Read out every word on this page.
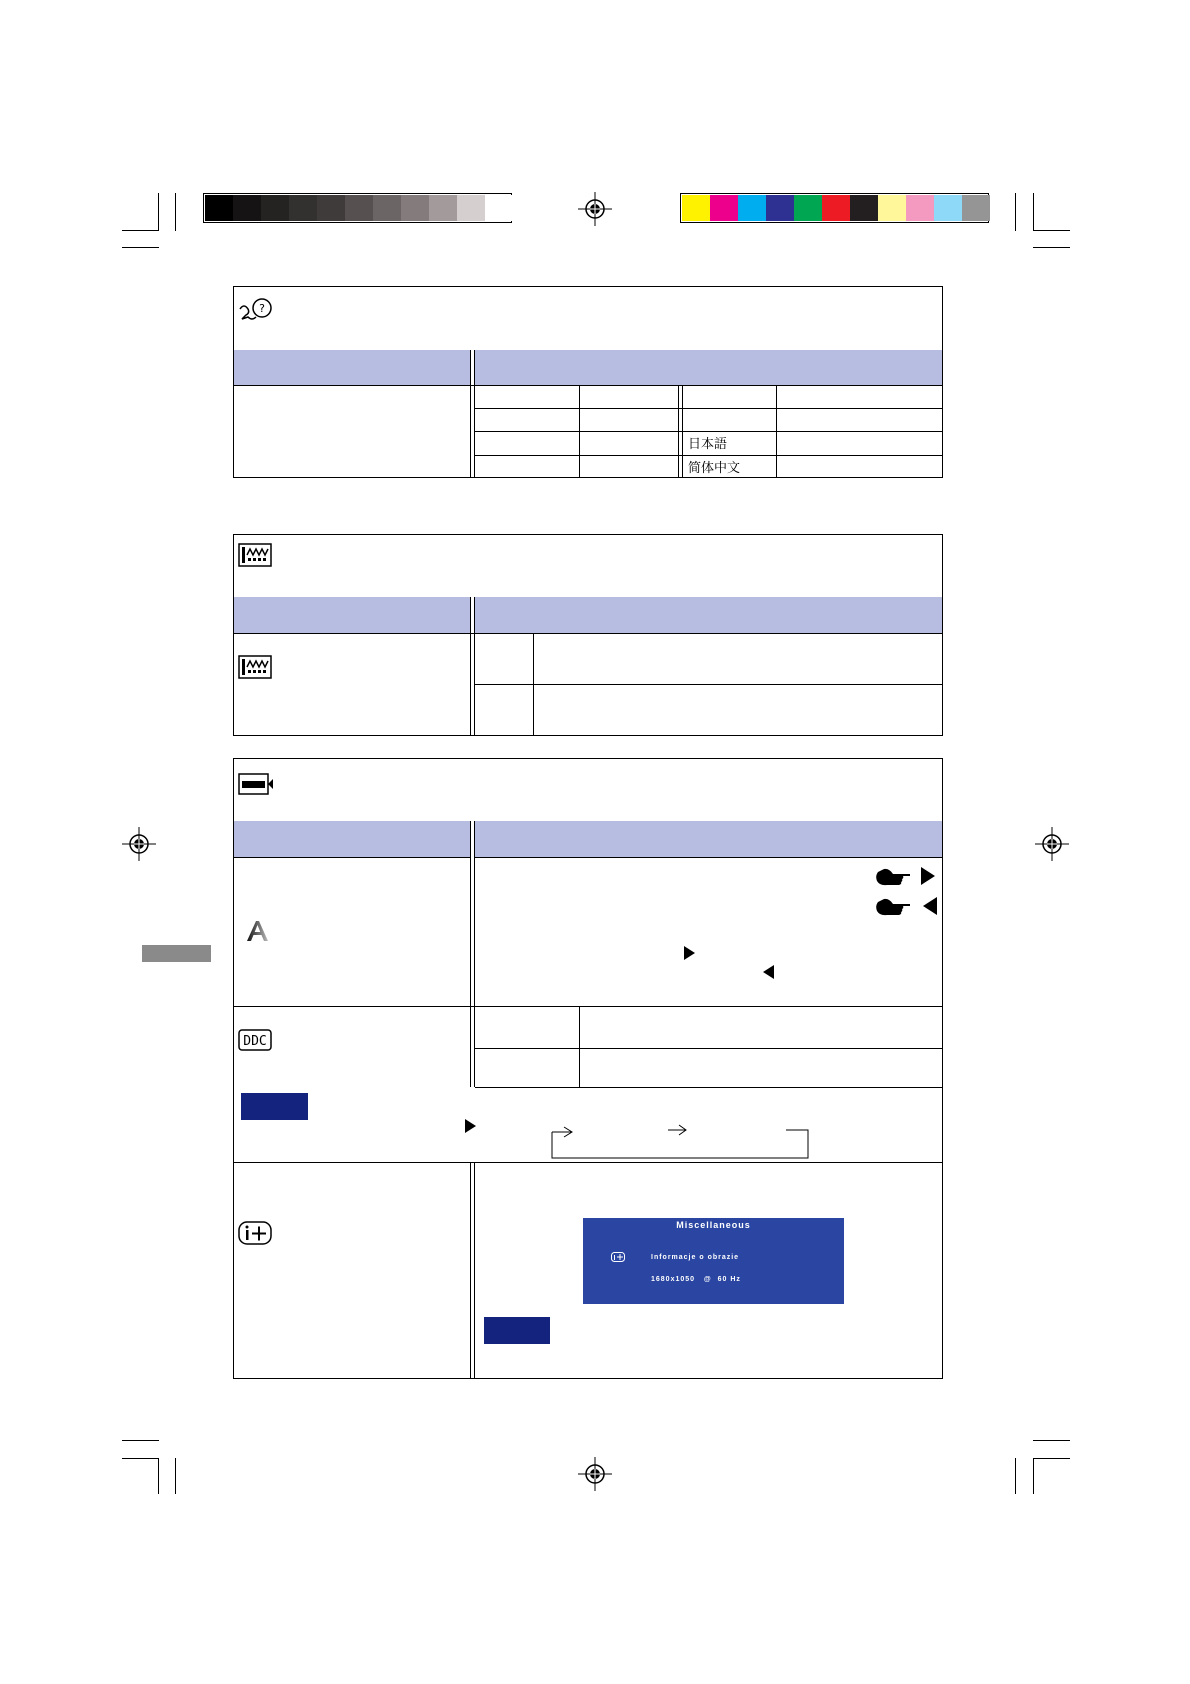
?
日本語
简体中文
DDC
Miscellaneous
Informacje o obrazie
1680x1050   @  60 Hz
